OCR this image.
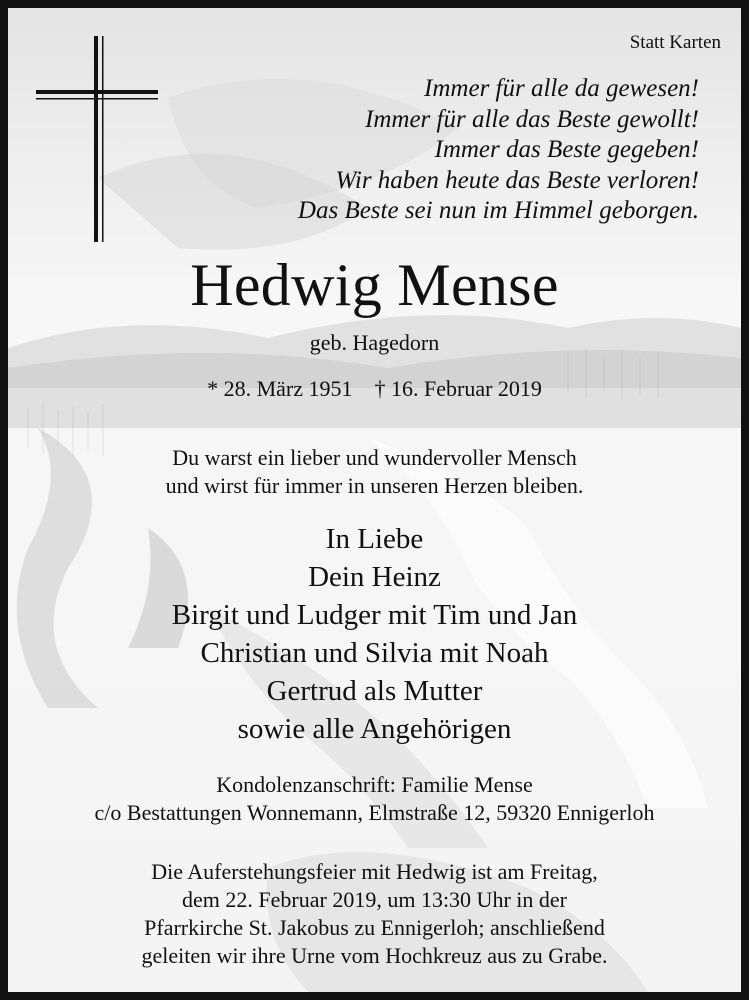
Statt Karten
Immer für alle da gewesen!
Immer für alle das Beste gewollt!
Immer das Beste gegeben!
Wir haben heute das Beste verloren!
Das Beste sei nun im Himmel geborgen.
Hedwig Mense
geb. Hagedorn
* 28. März 1951 † 16. Februar 2019
Du warst ein lieber und wundervoller Mensch
und wirst für immer in unseren Herzen bleiben.
In Liebe
Dein Heinz
Birgit und Ludger mit Tim und Jan
Christian und Silvia mit Noah
Gertrud als Mutter
sowie alle Angehörigen
Kondolenzanschrift: Familie Mense
c/o Bestattungen Wonnemann, Elmstraße 12, 59320 Ennigerloh
Die Auferstehungsfeier mit Hedwig ist am Freitag,
dem 22. Februar 2019, um 13:30 Uhr in der
Pfarrkirche St. Jakobus zu Ennigerloh; anschließend
geleiten wir ihre Urne vom Hochkreuz aus zu Grabe.
